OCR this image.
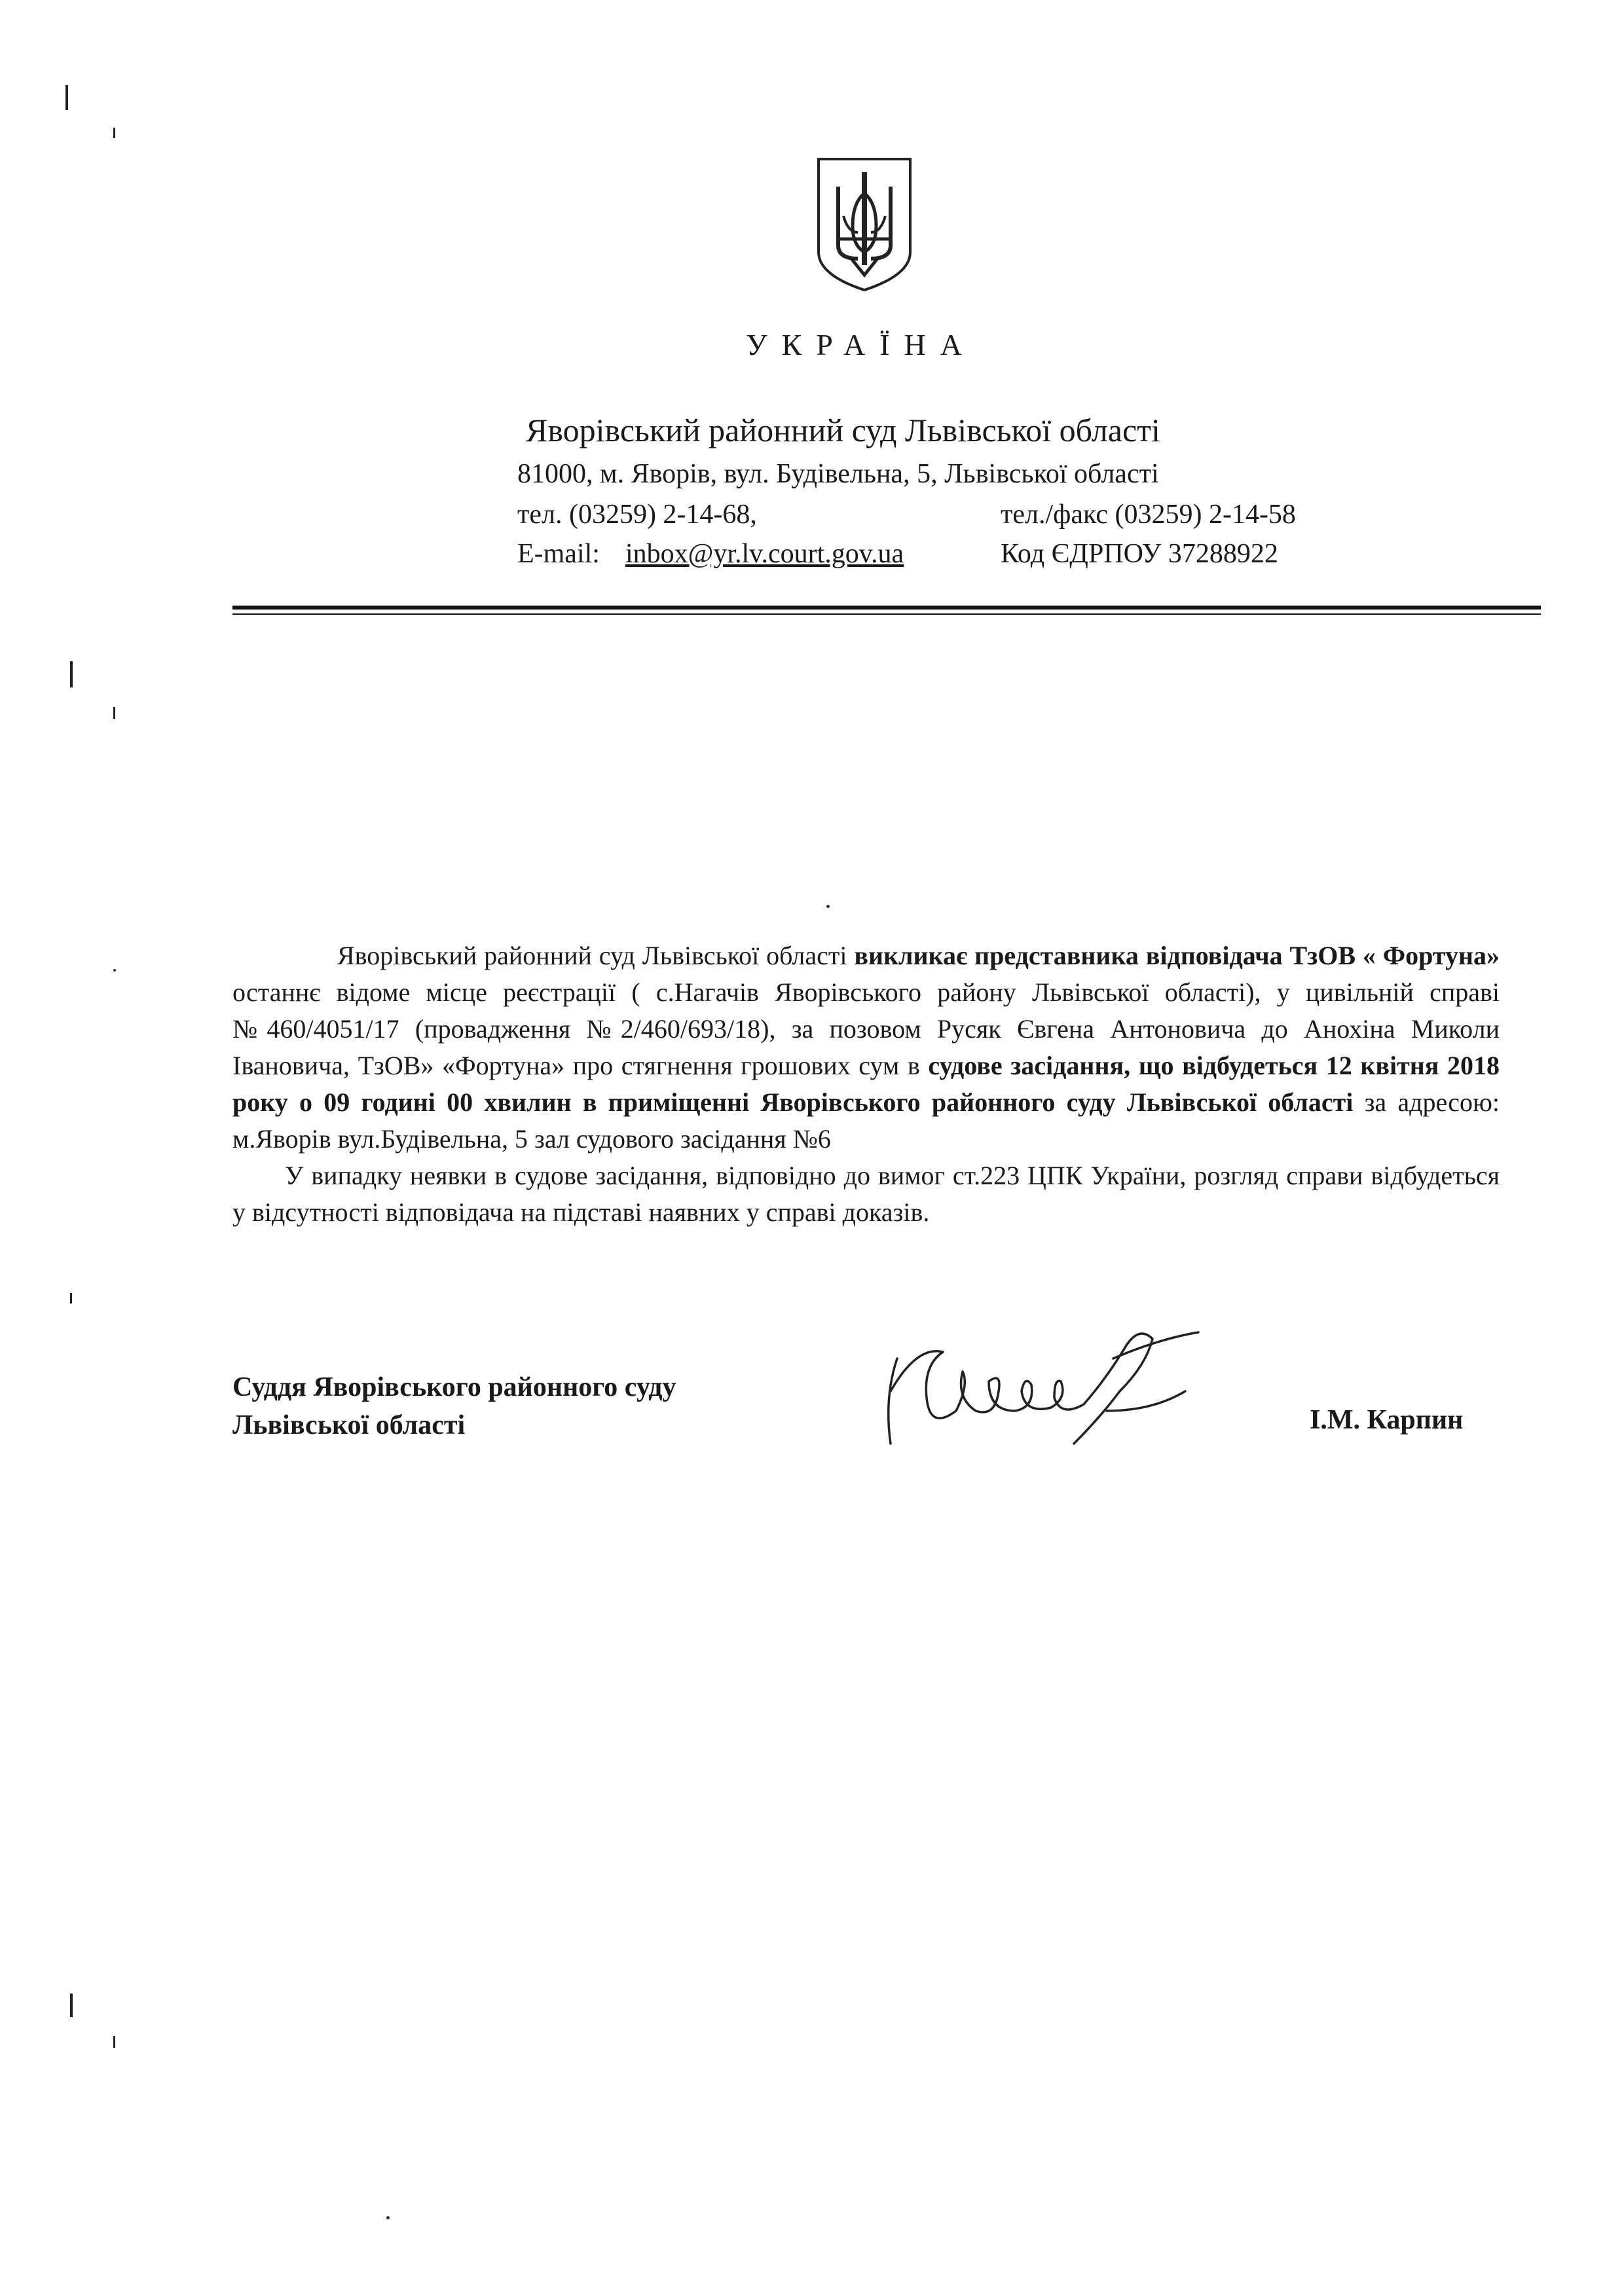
УКРАЇНА
Яворівський районний суд Львівської області
81000, м. Яворів, вул. Будівельна, 5, Львівської області
тел. (03259) 2-14-68,	тел./факс (03259) 2-14-58
E-mail: inbox@yr.lv.court.gov.ua	Код ЄДРПОУ 37288922

Яворівський районний суд Львівської області викликає представника відповідача ТзОВ « Фортуна» останнє відоме місце реєстрації ( с.Нагачів Яворівського району Львівської області), у цивільній справі №460/4051/17 (провадження №2/460/693/18), за позовом Русяк Євгена Антоновича до Анохіна Миколи Івановича, ТзОВ» «Фортуна» про стягнення грошових сум в судове засідання, що відбудеться 12 квітня 2018 року о 09 годині 00 хвилин в приміщенні Яворівського районного суду Львівської області за адресою: м.Яворів вул.Будівельна, 5 зал судового засідання №6

У випадку неявки в судове засідання, відповідно до вимог ст.223 ЦПК України, розгляд справи відбудеться у відсутності відповідача на підставі наявних у справі доказів.

Суддя Яворівського районного суду
Львівської області	І.М. Карпин
